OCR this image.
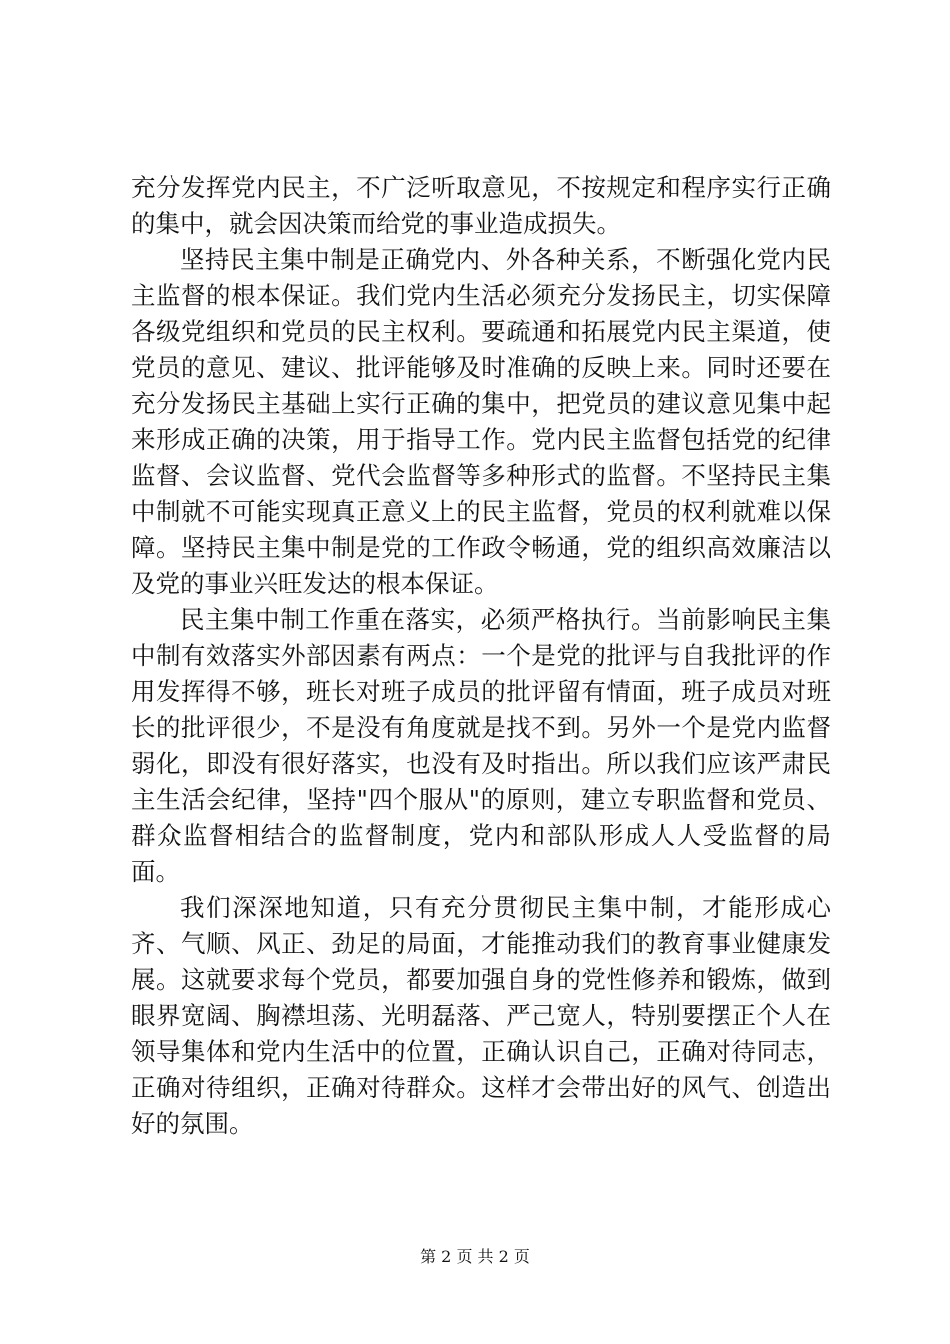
充分发挥党内民主，不广泛听取意见，不按规定和程序实行正确的集中，就会因决策而给党的事业造成损失。

坚持民主集中制是正确党内、外各种关系，不断强化党内民主监督的根本保证。我们党内生活必须充分发扬民主，切实保障各级党组织和党员的民主权利。要疏通和拓展党内民主渠道，使党员的意见、建议、批评能够及时准确的反映上来。同时还要在充分发扬民主基础上实行正确的集中，把党员的建议意见集中起来形成正确的决策，用于指导工作。党内民主监督包括党的纪律监督、会议监督、党代会监督等多种形式的监督。不坚持民主集中制就不可能实现真正意义上的民主监督，党员的权利就难以保障。坚持民主集中制是党的工作政令畅通，党的组织高效廉洁以及党的事业兴旺发达的根本保证。

民主集中制工作重在落实，必须严格执行。当前影响民主集中制有效落实外部因素有两点：一个是党的批评与自我批评的作用发挥得不够，班长对班子成员的批评留有情面，班子成员对班长的批评很少，不是没有角度就是找不到。另外一个是党内监督弱化，即没有很好落实，也没有及时指出。所以我们应该严肃民主生活会纪律，坚持"四个服从"的原则，建立专职监督和党员、群众监督相结合的监督制度，党内和部队形成人人受监督的局面。

我们深深地知道，只有充分贯彻民主集中制，才能形成心齐、气顺、风正、劲足的局面，才能推动我们的教育事业健康发展。这就要求每个党员，都要加强自身的党性修养和锻炼，做到眼界宽阔、胸襟坦荡、光明磊落、严己宽人，特别要摆正个人在领导集体和党内生活中的位置，正确认识自己，正确对待同志，正确对待组织，正确对待群众。这样才会带出好的风气、创造出好的氛围。

第 2 页 共 2 页
